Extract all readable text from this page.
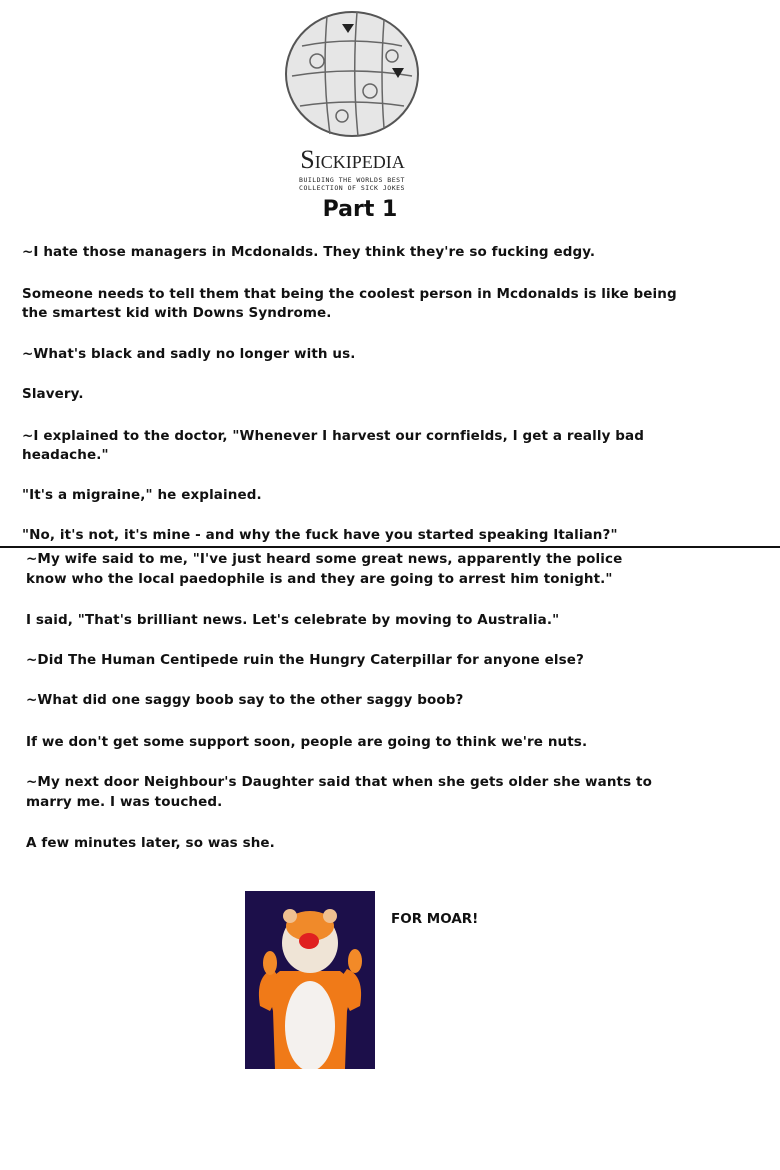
Sickipedia
BUILDING THE WORLDS BEST
COLLECTION OF SICK JOKES
Part 1
~I hate those managers in Mcdonalds. They think they're so fucking edgy.
Someone needs to tell them that being the coolest person in Mcdonalds is like being
the smartest kid with Downs Syndrome.
~What's black and sadly no longer with us.
Slavery.
~I explained to the doctor, "Whenever I harvest our cornfields, I get a really bad
headache."
"It's a migraine," he explained.
"No, it's not, it's mine - and why the fuck have you started speaking Italian?"
~My wife said to me, "I've just heard some great news, apparently the police
know who the local paedophile is and they are going to arrest him tonight."
I said, "That's brilliant news. Let's celebrate by moving to Australia."
~Did The Human Centipede ruin the Hungry Caterpillar for anyone else?
~What did one saggy boob say to the other saggy boob?
If we don't get some support soon, people are going to think we're nuts.
~My next door Neighbour's Daughter said that when she gets older she wants to
marry me. I was touched.
A few minutes later, so was she.
FOR MOAR!
